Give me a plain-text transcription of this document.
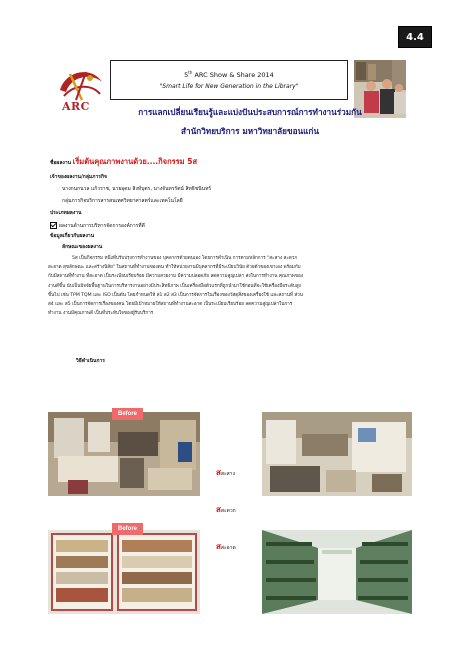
4.4
ARC
5th ARC Show & Share 2014
"Smart Life for New Generation in the Library"
การแลกเปลี่ยนเรียนรู้และแบ่งปันประสบการณ์การทำงานร่วมกัน
สำนักวิทยบริการ มหาวิทยาลัยขอนแก่น
ชื่อผลงาน เริ่มต้นคุณภาพงานด้วย....กิจกรรม 5ส
เจ้าของผลงาน/กลุ่มภารกิจ
นางกนกนวล แก้วราช, นายอุดม สิงห์บุตร, นางจันทรรัตน์ สิทธิชนินทร์
กลุ่มภารกิจบริการสารสนเทศวิทยาศาสตร์และเทคโนโลยี
ประเภทผลงาน
ผลงานด้านการบริหารจัดการองค์การที่ดี
ข้อมูลเกี่ยวกับผลงาน
ลักษณะของผลงาน

5ส เป็นกิจกรรม หนึ่งที่ปรับปรุงการทำงานของ บุคลากรด้วยตนเอง โดยการดำเนิน การตามหลักการ "สะสาง สะดวก

สะอาด สุขลักษณะ และสร้างนิสัย" ในสถานที่ทำงานของตน ทำให้หน่วยงานมีบุคลากรที่มีระเบียบวินัย ด้วยตัวของเขาเอง พร้อมกับ

กับมีสถานที่ทำงาน ที่สะอาด เป็นระเบียบเรียบร้อย มีความสวยงาม มีความปลอดภัย ลดความสูญเปล่า ส่งในการทำงาน คุณภาพของ

งานดีขึ้น นับเป็นปัจจัยพื้นฐานในการบริหารงานอย่างมีประสิทธิภาพ เป็นเครื่องมือตัวแรกที่ถูกนำมาใช้ก่อนที่จะใช้เครื่องมือระดับสูง

ขึ้นไป เช่น TPM TQM และ ISO เป็นต้น โดยกำหนดให้ ส1 ส2 ส3 เป็นการจัดการในเรื่องของวัสดุสิ่งของเครื่องใช้ และสถานที่ ส่วน

ส4 และ ส5 เป็นการจัดการเรื่องของคน โดยมีเป้าหมายให้สถานที่ทำงานสะอาด เป็นระเบียบเรียบร้อย ลดความสูญเปล่าในการ

ทำงาน งานมีคุณภาพดี เป็นที่ประทับใจของผู้รับบริการ

วิธีดำเนินการ
Before
Before
สสะสาง
สสะดวก
สสะอาด
